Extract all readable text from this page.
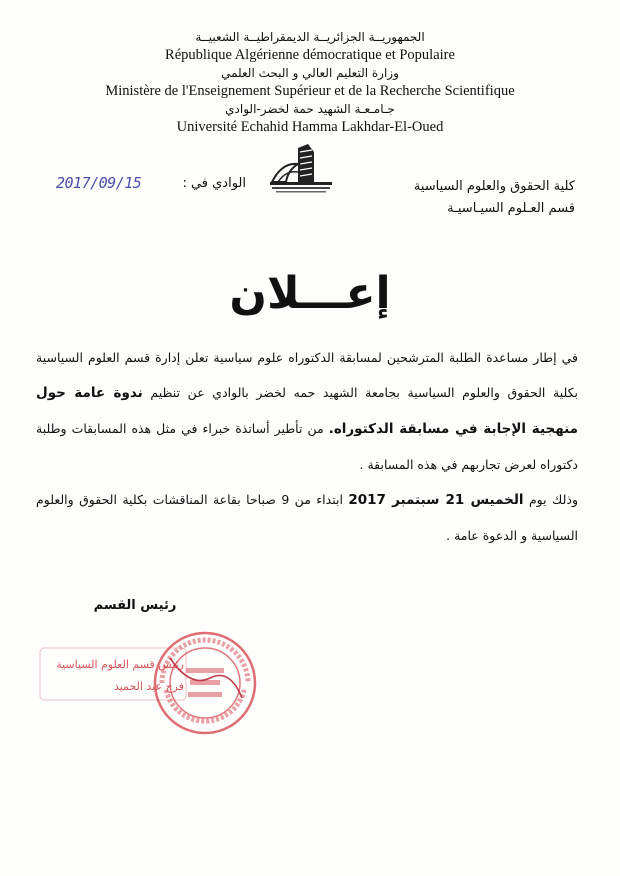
الجمهوريــة الجزائريــة الديمقراطيــة الشعبيــة
République Algérienne démocratique et Populaire
وزارة التعليم العالي و البحث العلمي
Ministère de l'Enseignement Supérieur et de la Recherche Scientifique
جـامـعـة الشهيد حمة لخضر-الوادي
Université Echahid Hamma Lakhdar-El-Oued
كلية الحقوق والعلوم السياسية
قسم العـلوم السيـاسيـة
الوادي في :
2017/09/15
إعـــلان

في إطار مساعدة الطلبة المترشحين لمسابقة الدكتوراه علوم سياسية تعلن إدارة قسم العلوم السياسية بكلية الحقوق والعلوم السياسية بجامعة الشهيد حمه لخضر بالوادي عن تنظيم ندوة عامة حول منهجية الإجابة في مسابقة الدكتوراه. من تأطير أساتذة خبراء في مثل هذه المسابقات وطلبة دكتوراه لعرض تجاربهم في هذه المسابقة .

وذلك يوم الخميس 21 سبتمبر 2017 ابتداء من 9 صباحا بقاعة المناقشات بكلية الحقوق والعلوم السياسية و الدعوة عامة .

رئيس القسم
رئيس قسم العلوم السياسية
فرج عبد الحميد
